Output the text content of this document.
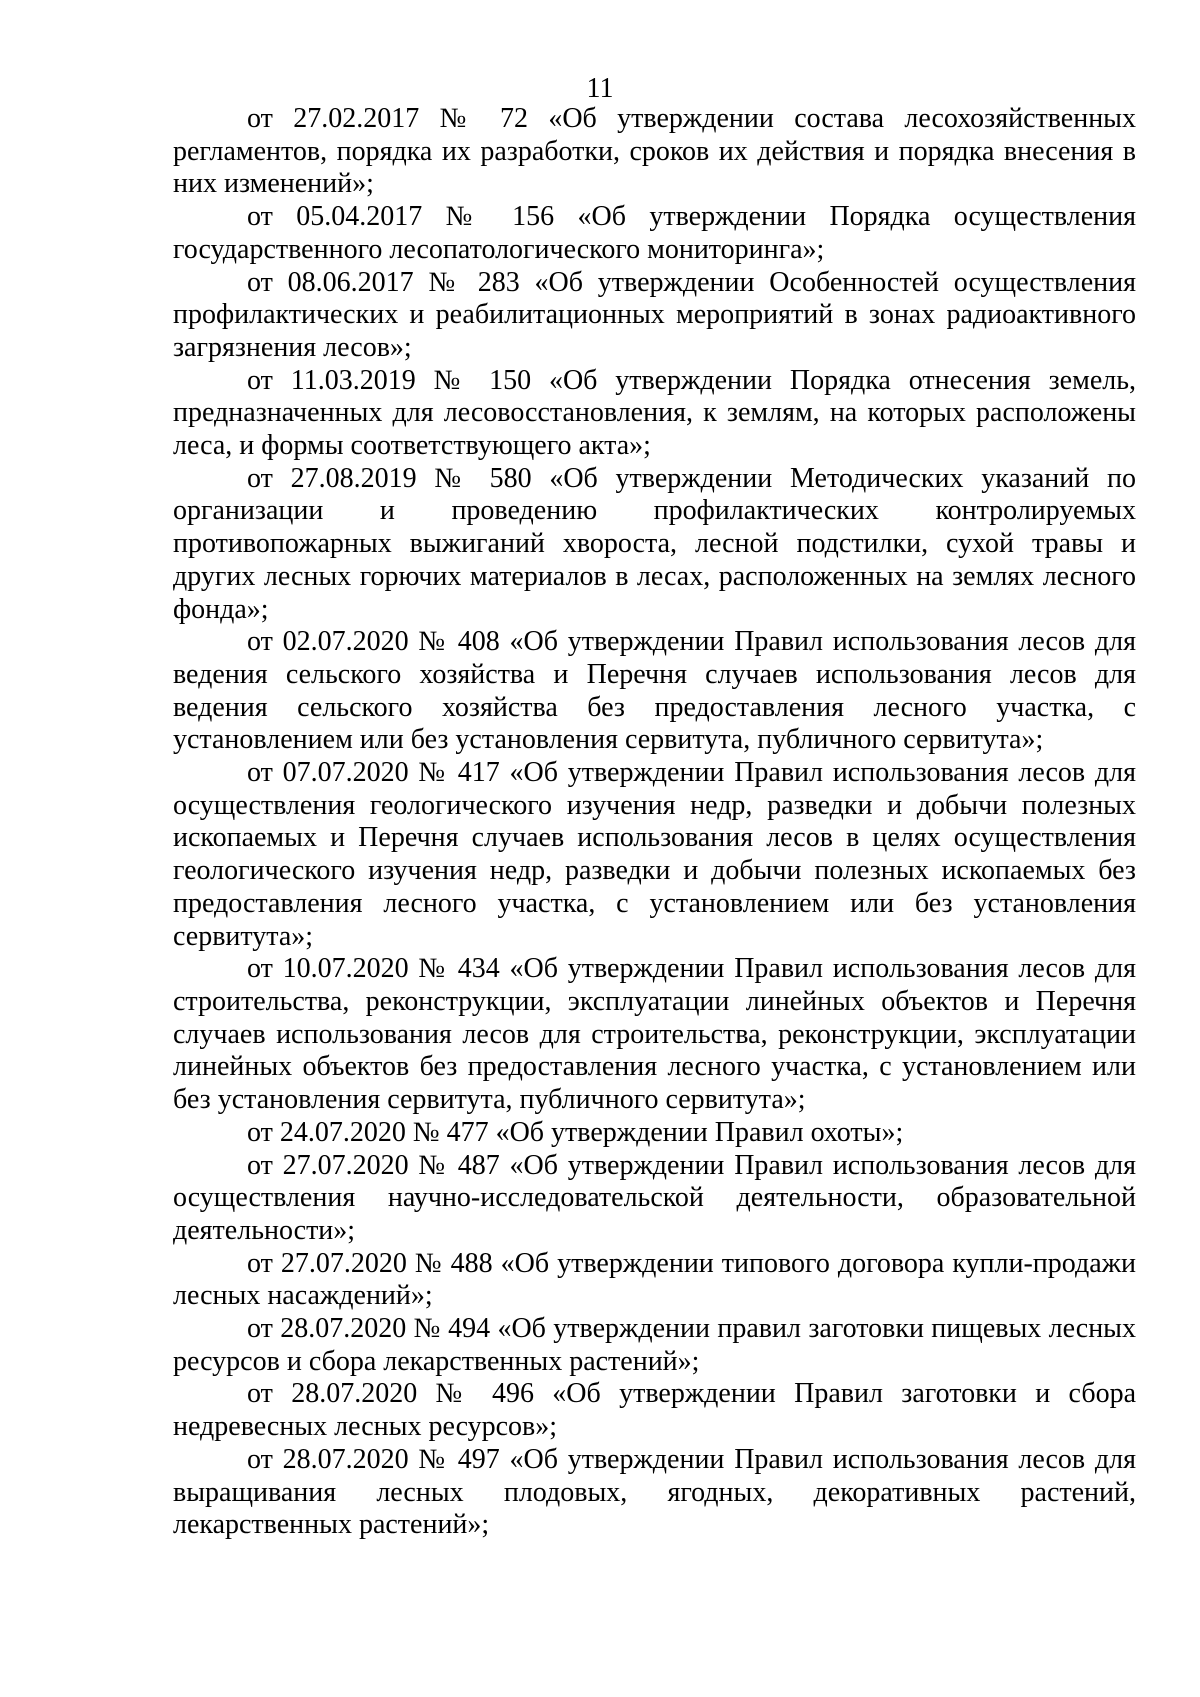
11

от 27.02.2017 № 72 «Об утверждении состава лесохозяйственных регламентов, порядка их разработки, сроков их действия и порядка внесения в них изменений»;

от 05.04.2017 № 156 «Об утверждении Порядка осуществления государственного лесопатологического мониторинга»;

от 08.06.2017 № 283 «Об утверждении Особенностей осуществления профилактических и реабилитационных мероприятий в зонах радиоактивного загрязнения лесов»;

от 11.03.2019 № 150 «Об утверждении Порядка отнесения земель, предназначенных для лесовосстановления, к землям, на которых расположены леса, и формы соответствующего акта»;

от 27.08.2019 № 580 «Об утверждении Методических указаний по организации и проведению профилактических контролируемых противопожарных выжиганий хвороста, лесной подстилки, сухой травы и других лесных горючих материалов в лесах, расположенных на землях лесного фонда»;

от 02.07.2020 № 408 «Об утверждении Правил использования лесов для ведения сельского хозяйства и Перечня случаев использования лесов для ведения сельского хозяйства без предоставления лесного участка, с установлением или без установления сервитута, публичного сервитута»;

от 07.07.2020 № 417 «Об утверждении Правил использования лесов для осуществления геологического изучения недр, разведки и добычи полезных ископаемых и Перечня случаев использования лесов в целях осуществления геологического изучения недр, разведки и добычи полезных ископаемых без предоставления лесного участка, с установлением или без установления сервитута»;

от 10.07.2020 № 434 «Об утверждении Правил использования лесов для строительства, реконструкции, эксплуатации линейных объектов и Перечня случаев использования лесов для строительства, реконструкции, эксплуатации линейных объектов без предоставления лесного участка, с установлением или без установления сервитута, публичного сервитута»;

от 24.07.2020 № 477 «Об утверждении Правил охоты»;

от 27.07.2020 № 487 «Об утверждении Правил использования лесов для осуществления научно-исследовательской деятельности, образовательной деятельности»;

от 27.07.2020 № 488 «Об утверждении типового договора купли-продажи лесных насаждений»;

от 28.07.2020 № 494 «Об утверждении правил заготовки пищевых лесных ресурсов и сбора лекарственных растений»;

от 28.07.2020 № 496 «Об утверждении Правил заготовки и сбора недревесных лесных ресурсов»;

от 28.07.2020 № 497 «Об утверждении Правил использования лесов для выращивания лесных плодовых, ягодных, декоративных растений, лекарственных растений»;
